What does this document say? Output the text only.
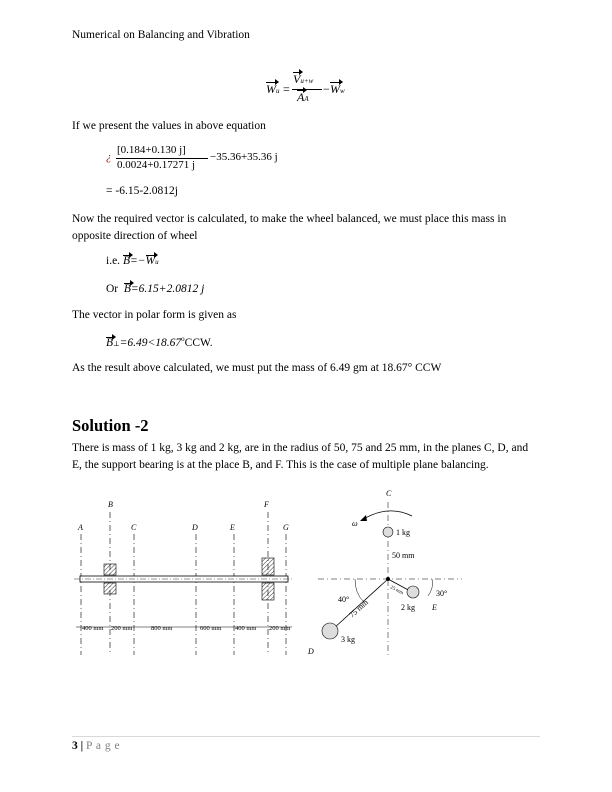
Numerical on Balancing and Vibration
Wu =
Vu+w
AA
− Ww
If we present the values in above equation
¿
[0.184+0.130 j]
0.0024+0.17271 j
−35.36+35.36 j
= -6.15-2.0812j
Now the required vector is calculated, to make the wheel balanced, we must place this mass in opposite direction of wheel
i.e. B=−Wu
Or B=6.15+2.0812 j
The vector in polar form is given as
$B\perp=6.49<18.67^oCCW$.
As the result above calculated, we must put the mass of 6.49 gm at 18.67° CCW
Solution -2
There is mass of 1 kg, 3 kg and 2 kg, are in the radius of 50, 75 and 25 mm, in the planes C, D, and E, the support bearing is at the place B, and F. This is the case of multiple plane balancing.
A
B
C	D	E
F
G
400 mm 200 mm	800 mm	600 mm 400 mm 200 mm
C
ω
1 kg
50 mm
25 mm
2 kg E
30°
3 kg
D
75 mm
40°
3 | P a g e
